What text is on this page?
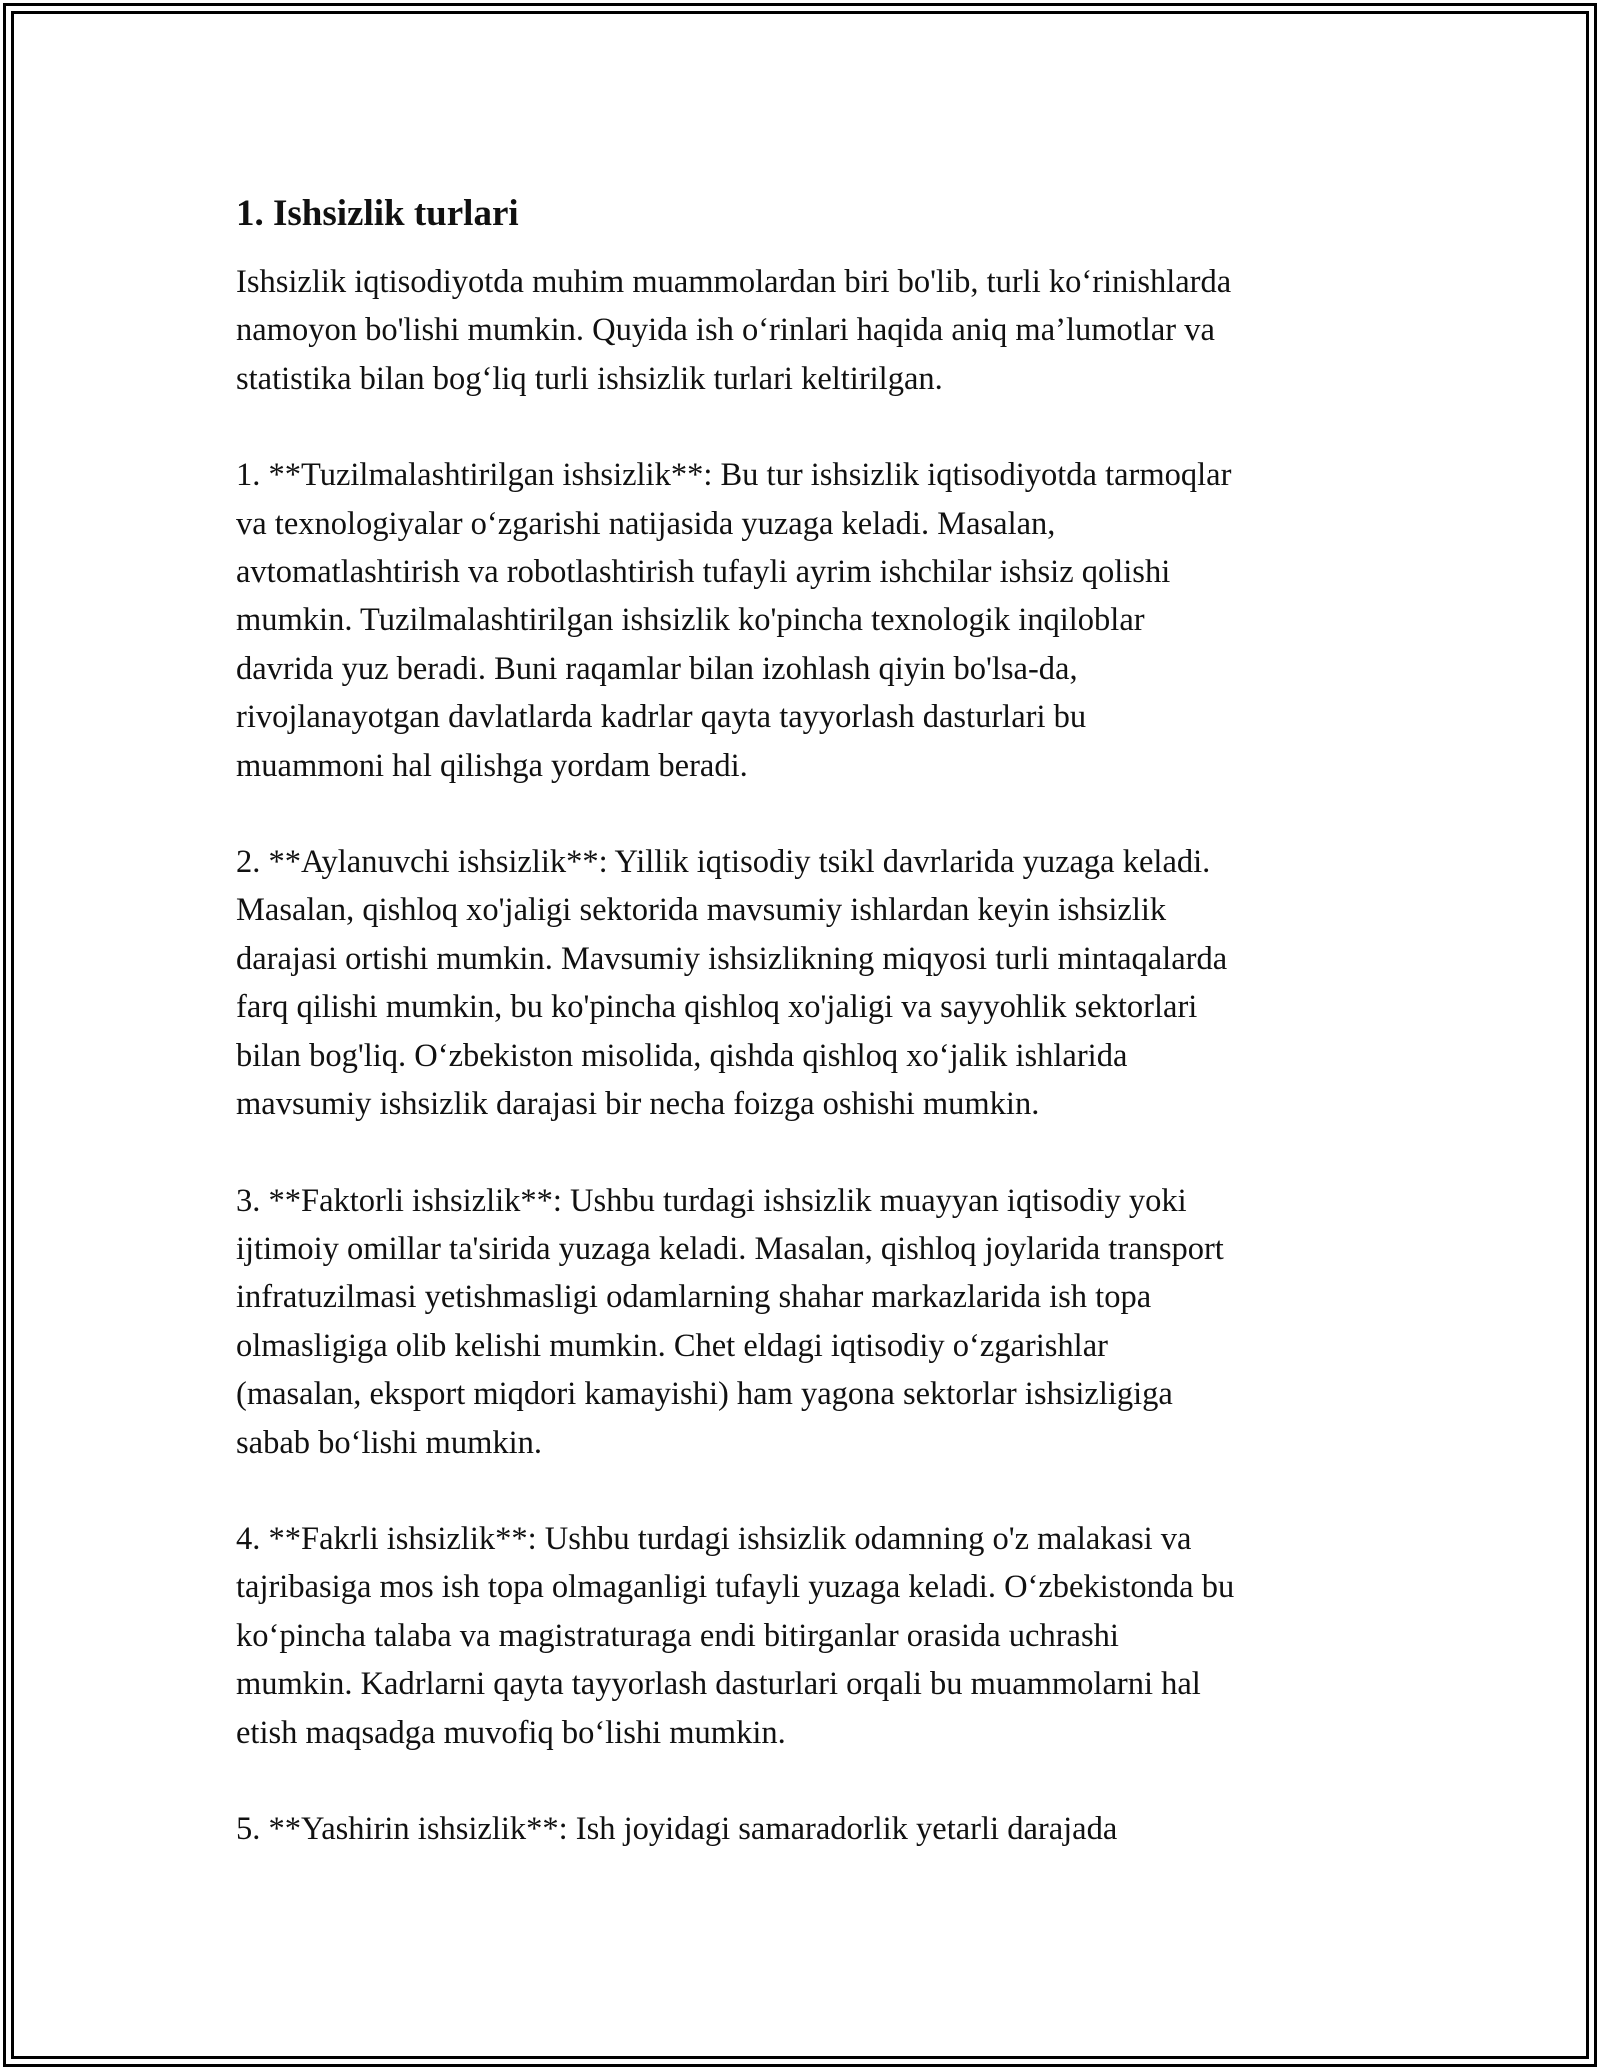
1. Ishsizlik turlari

Ishsizlik iqtisodiyotda muhim muammolardan biri bo'lib, turli ko‘rinishlarda
namoyon bo'lishi mumkin. Quyida ish o‘rinlari haqida aniq ma’lumotlar va
statistika bilan bog‘liq turli ishsizlik turlari keltirilgan.

1. **Tuzilmalashtirilgan ishsizlik**: Bu tur ishsizlik iqtisodiyotda tarmoqlar
va texnologiyalar o‘zgarishi natijasida yuzaga keladi. Masalan,
avtomatlashtirish va robotlashtirish tufayli ayrim ishchilar ishsiz qolishi
mumkin. Tuzilmalashtirilgan ishsizlik ko'pincha texnologik inqiloblar
davrida yuz beradi. Buni raqamlar bilan izohlash qiyin bo'lsa-da,
rivojlanayotgan davlatlarda kadrlar qayta tayyorlash dasturlari bu
muammoni hal qilishga yordam beradi.

2. **Aylanuvchi ishsizlik**: Yillik iqtisodiy tsikl davrlarida yuzaga keladi.
Masalan, qishloq xo'jaligi sektorida mavsumiy ishlardan keyin ishsizlik
darajasi ortishi mumkin. Mavsumiy ishsizlikning miqyosi turli mintaqalarda
farq qilishi mumkin, bu ko'pincha qishloq xo'jaligi va sayyohlik sektorlari
bilan bog'liq. O‘zbekiston misolida, qishda qishloq xo‘jalik ishlarida
mavsumiy ishsizlik darajasi bir necha foizga oshishi mumkin.

3. **Faktorli ishsizlik**: Ushbu turdagi ishsizlik muayyan iqtisodiy yoki
ijtimoiy omillar ta'sirida yuzaga keladi. Masalan, qishloq joylarida transport
infratuzilmasi yetishmasligi odamlarning shahar markazlarida ish topa
olmasligiga olib kelishi mumkin. Chet eldagi iqtisodiy o‘zgarishlar
(masalan, eksport miqdori kamayishi) ham yagona sektorlar ishsizligiga
sabab bo‘lishi mumkin.

4. **Fakrli ishsizlik**: Ushbu turdagi ishsizlik odamning o'z malakasi va
tajribasiga mos ish topa olmaganligi tufayli yuzaga keladi. O‘zbekistonda bu
ko‘pincha talaba va magistraturaga endi bitirganlar orasida uchrashi
mumkin. Kadrlarni qayta tayyorlash dasturlari orqali bu muammolarni hal
etish maqsadga muvofiq bo‘lishi mumkin.

5. **Yashirin ishsizlik**: Ish joyidagi samaradorlik yetarli darajada
